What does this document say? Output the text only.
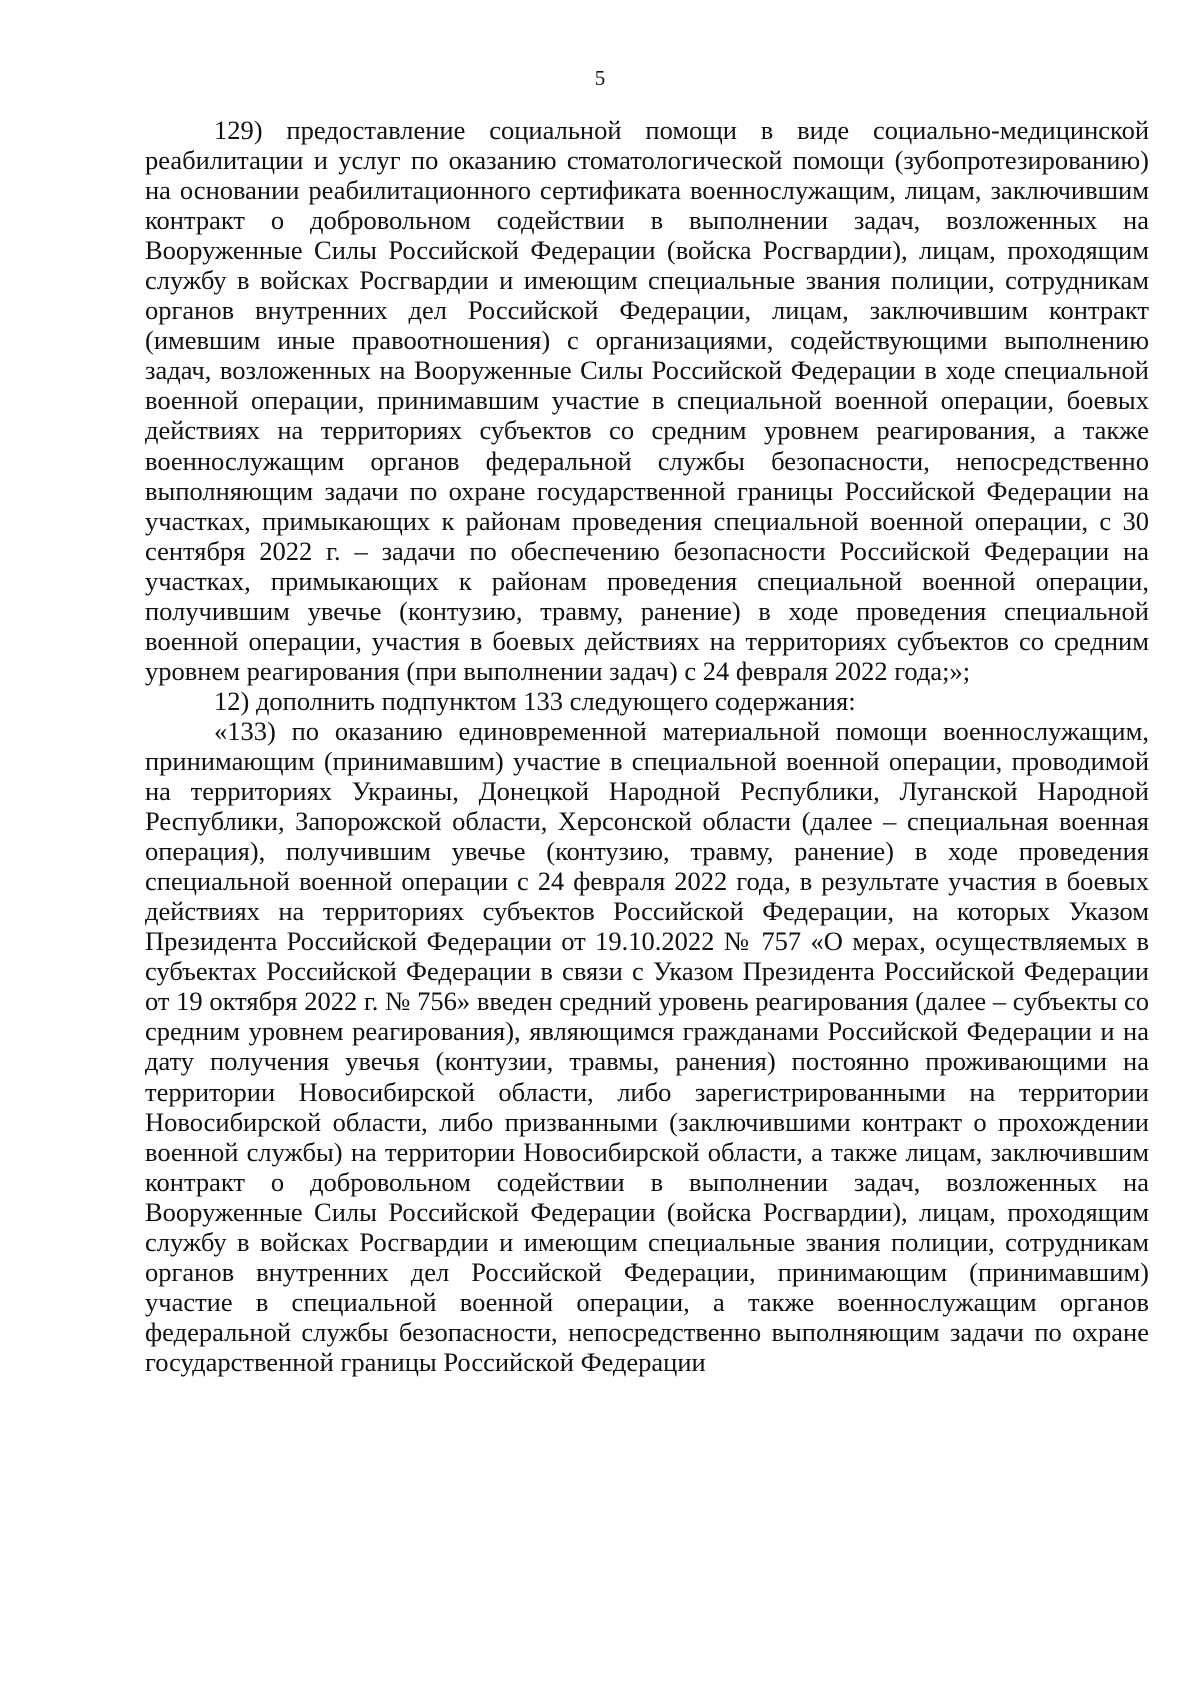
5

129) предоставление социальной помощи в виде социально-медицинской реабилитации и услуг по оказанию стоматологической помощи (зубопротезированию) на основании реабилитационного сертификата военнослужащим, лицам, заключившим контракт о добровольном содействии в выполнении задач, возложенных на Вооруженные Силы Российской Федерации (войска Росгвардии), лицам, проходящим службу в войсках Росгвардии и имеющим специальные звания полиции, сотрудникам органов внутренних дел Российской Федерации, лицам, заключившим контракт (имевшим иные правоотношения) с организациями, содействующими выполнению задач, возложенных на Вооруженные Силы Российской Федерации в ходе специальной военной операции, принимавшим участие в специальной военной операции, боевых действиях на территориях субъектов со средним уровнем реагирования, а также военнослужащим органов федеральной службы безопасности, непосредственно выполняющим задачи по охране государственной границы Российской Федерации на участках, примыкающих к районам проведения специальной военной операции, с 30 сентября 2022 г. – задачи по обеспечению безопасности Российской Федерации на участках, примыкающих к районам проведения специальной военной операции, получившим увечье (контузию, травму, ранение) в ходе проведения специальной военной операции, участия в боевых действиях на территориях субъектов со средним уровнем реагирования (при выполнении задач) с 24 февраля 2022 года;»;

12) дополнить подпунктом 133 следующего содержания:

«133) по оказанию единовременной материальной помощи военнослужащим, принимающим (принимавшим) участие в специальной военной операции, проводимой на территориях Украины, Донецкой Народной Республики, Луганской Народной Республики, Запорожской области, Херсонской области (далее – специальная военная операция), получившим увечье (контузию, травму, ранение) в ходе проведения специальной военной операции с 24 февраля 2022 года, в результате участия в боевых действиях на территориях субъектов Российской Федерации, на которых Указом Президента Российской Федерации от 19.10.2022 № 757 «О мерах, осуществляемых в субъектах Российской Федерации в связи с Указом Президента Российской Федерации от 19 октября 2022 г. № 756» введен средний уровень реагирования (далее – субъекты со средним уровнем реагирования), являющимся гражданами Российской Федерации и на дату получения увечья (контузии, травмы, ранения) постоянно проживающими на территории Новосибирской области, либо зарегистрированными на территории Новосибирской области, либо призванными (заключившими контракт о прохождении военной службы) на территории Новосибирской области, а также лицам, заключившим контракт о добровольном содействии в выполнении задач, возложенных на Вооруженные Силы Российской Федерации (войска Росгвардии), лицам, проходящим службу в войсках Росгвардии и имеющим специальные звания полиции, сотрудникам органов внутренних дел Российской Федерации, принимающим (принимавшим) участие в специальной военной операции, а также военнослужащим органов федеральной службы безопасности, непосредственно выполняющим задачи по охране государственной границы Российской Федерации
